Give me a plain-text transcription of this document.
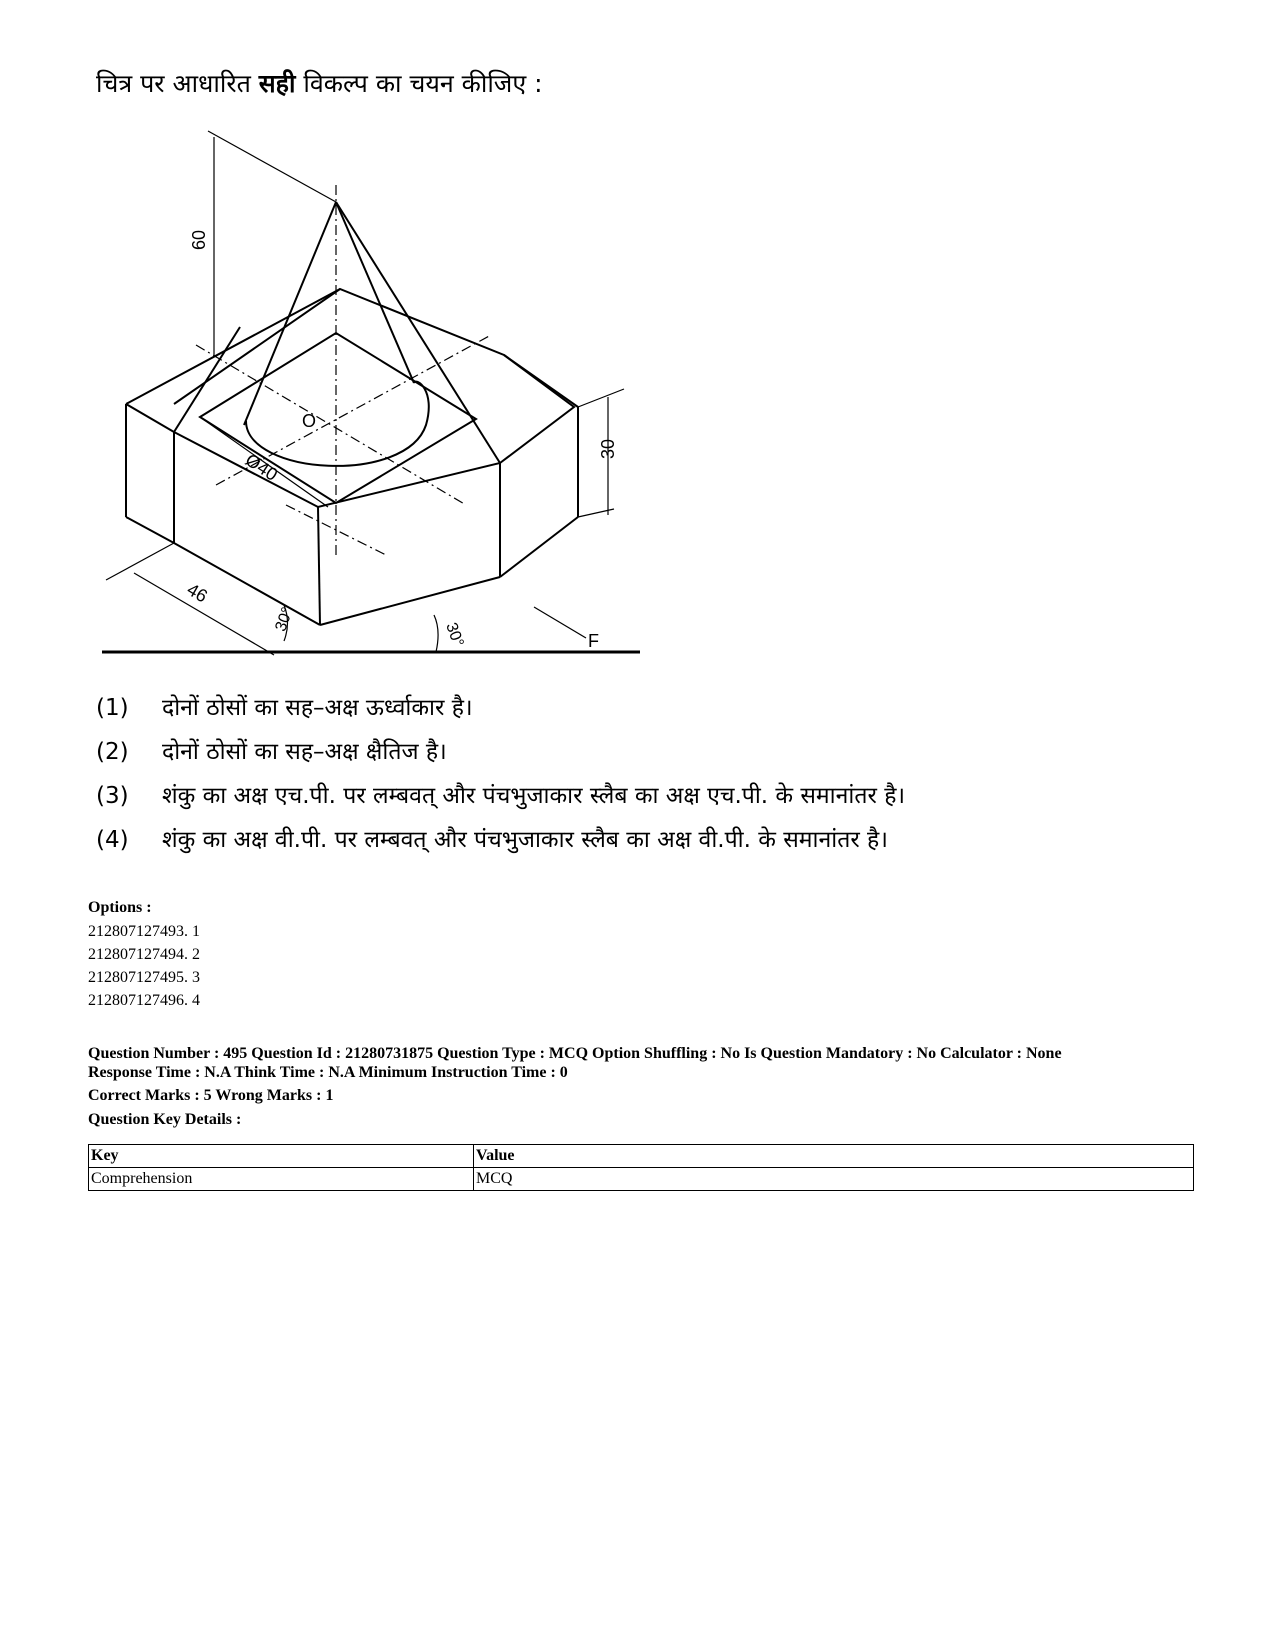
चित्र पर आधारित सही विकल्प का चयन कीजिए :
60
Ø40
O
30
46
30°
30°	F
(1) दोनों ठोसों का सह–अक्ष ऊर्ध्वाकार है।
(2) दोनों ठोसों का सह–अक्ष क्षैतिज है।
(3) शंकु का अक्ष एच.पी. पर लम्बवत् और पंचभुजाकार स्लैब का अक्ष एच.पी. के समानांतर है।
(4) शंकु का अक्ष वी.पी. पर लम्बवत् और पंचभुजाकार स्लैब का अक्ष वी.पी. के समानांतर है।
Options :
212807127493. 1
212807127494. 2
212807127495. 3
212807127496. 4
Question Number : 495 Question Id : 21280731875 Question Type : MCQ Option Shuffling : No Is Question Mandatory : No Calculator : None
Response Time : N.A Think Time : N.A Minimum Instruction Time : 0
Correct Marks : 5 Wrong Marks : 1
Question Key Details :
Key	Value
Comprehension	MCQ
